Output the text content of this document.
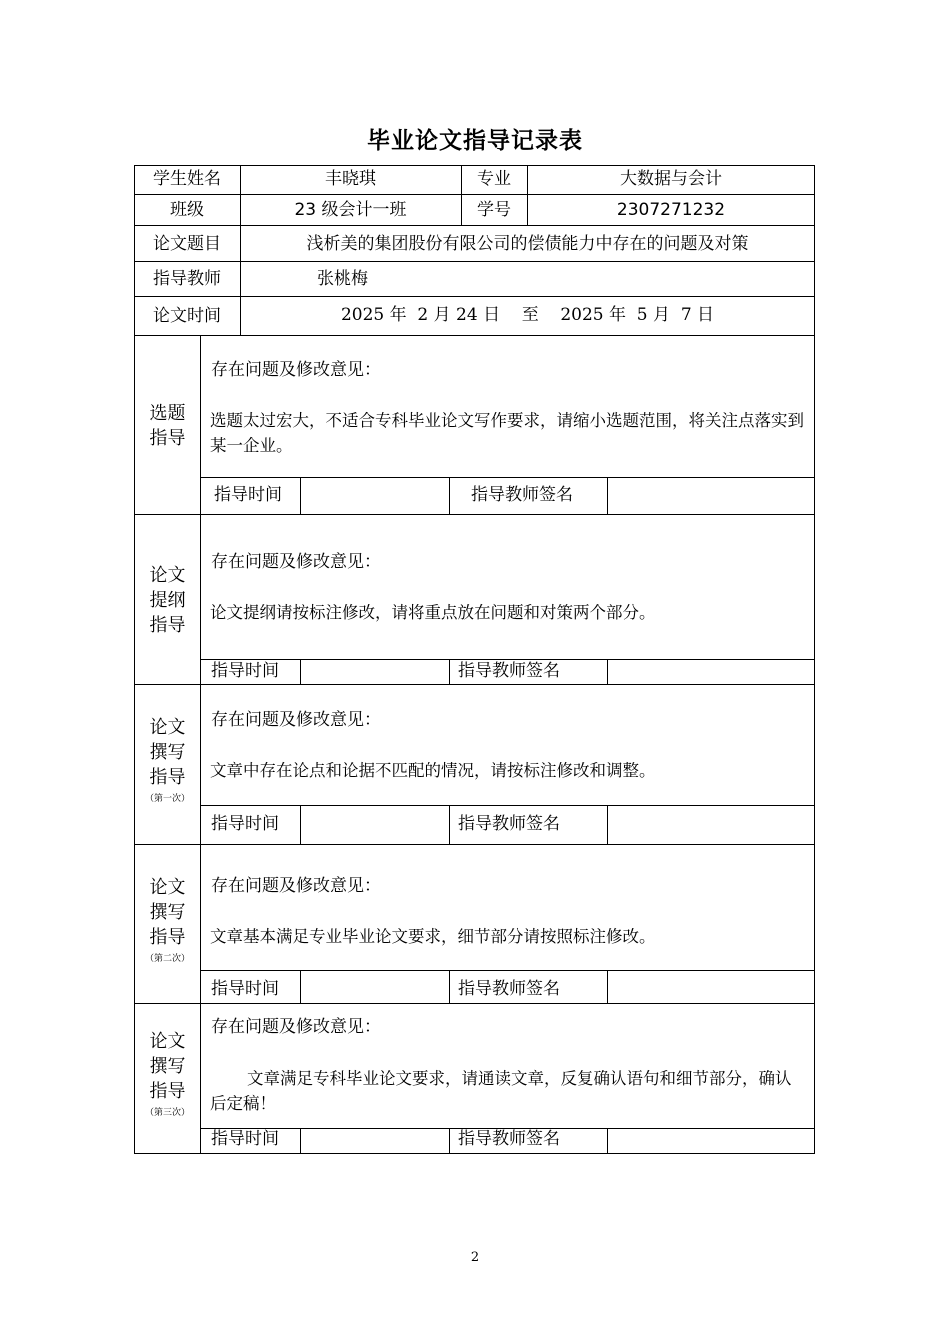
毕业论文指导记录表
学生姓名	丰晓琪	专业	大数据与会计
班级	23 级会计一班	学号	2307271232
论文题目	浅析美的集团股份有限公司的偿债能力中存在的问题及对策
指导教师	张桃梅
论文时间	2025 年  2 月 24 日    至    2025 年  5 月  7 日
选题
指导
存在问题及修改意见：
选题太过宏大，不适合专科毕业论文写作要求，请缩小选题范围，将关注点落实到某一企业。
指导时间	指导教师签名
论文
提纲
指导
存在问题及修改意见：
论文提纲请按标注修改，请将重点放在问题和对策两个部分。
指导时间	指导教师签名
论文
撰写
指导
（第一次）
存在问题及修改意见：
文章中存在论点和论据不匹配的情况，请按标注修改和调整。
指导时间	指导教师签名
论文
撰写
指导
（第二次）
存在问题及修改意见：
文章基本满足专业毕业论文要求，细节部分请按照标注修改。
指导时间	指导教师签名
论文
撰写
指导
（第三次）
存在问题及修改意见：
文章满足专科毕业论文要求，请通读文章，反复确认语句和细节部分，确认后定稿！
指导时间	指导教师签名
2
